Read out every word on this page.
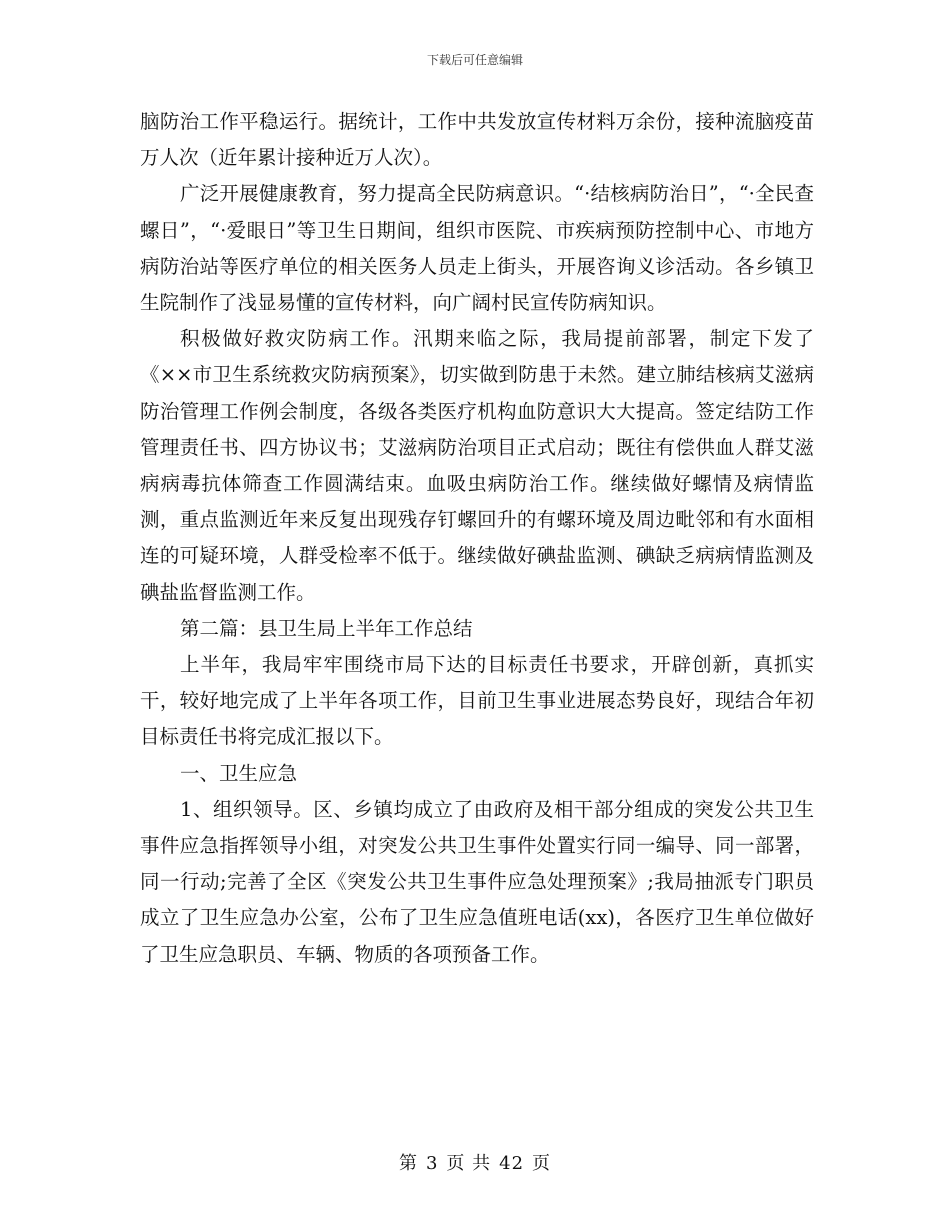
下载后可任意编辑

脑防治工作平稳运行。据统计，工作中共发放宣传材料万余份，接种流脑疫苗万人次（近年累计接种近万人次）。

广泛开展健康教育，努力提高全民防病意识。“·结核病防治日”，“·全民查螺日”，“·爱眼日”等卫生日期间，组织市医院、市疾病预防控制中心、市地方病防治站等医疗单位的相关医务人员走上街头，开展咨询义诊活动。各乡镇卫生院制作了浅显易懂的宣传材料，向广阔村民宣传防病知识。

积极做好救灾防病工作。汛期来临之际，我局提前部署，制定下发了《××市卫生系统救灾防病预案》，切实做到防患于未然。建立肺结核病艾滋病防治管理工作例会制度，各级各类医疗机构血防意识大大提高。签定结防工作管理责任书、四方协议书；艾滋病防治项目正式启动；既往有偿供血人群艾滋病病毒抗体筛查工作圆满结束。血吸虫病防治工作。继续做好螺情及病情监测，重点监测近年来反复出现残存钉螺回升的有螺环境及周边毗邻和有水面相连的可疑环境，人群受检率不低于。继续做好碘盐监测、碘缺乏病病情监测及碘盐监督监测工作。

第二篇：县卫生局上半年工作总结

上半年，我局牢牢围绕市局下达的目标责任书要求，开辟创新，真抓实干，较好地完成了上半年各项工作，目前卫生事业进展态势良好，现结合年初目标责任书将完成汇报以下。

一、卫生应急

1、组织领导。区、乡镇均成立了由政府及相干部分组成的突发公共卫生事件应急指挥领导小组，对突发公共卫生事件处置实行同一编导、同一部署，同一行动;完善了全区《突发公共卫生事件应急处理预案》;我局抽派专门职员成立了卫生应急办公室，公布了卫生应急值班电话(xx)，各医疗卫生单位做好了卫生应急职员、车辆、物质的各项预备工作。

第 3 页 共 42 页
